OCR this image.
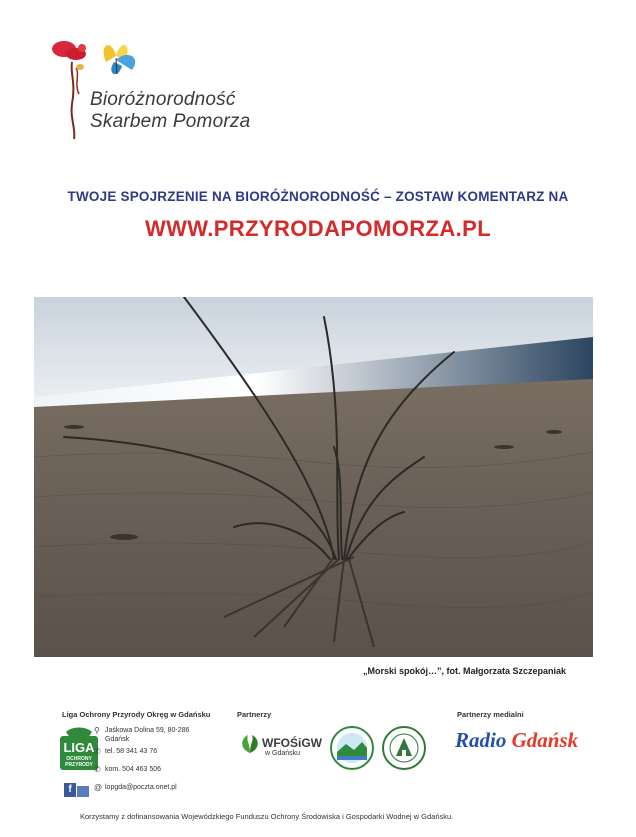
Bioróżnorodność
Skarbem Pomorza
TWOJE SPOJRZENIE NA BIORÓŻNORODNOŚĆ – ZOSTAW KOMENTARZ NA
WWW.PRZYRODAPOMORZA.PL
„Morski spokój…”, fot. Małgorzata Szczepaniak
Liga Ochrony Przyrody Okręg w Gdańsku
LIGA
OCHRONY PRZYRODY
⚲ Jaśkowa Dolina 59, 80-286
Gdańsk
✆ tel. 58 341 43 76
✆ kom. 504 463 506
@ lopgda@poczta.onet.pl
f
Partnerzy
WFOŚiGW
w Gdańsku
Partnerzy medialni
Radio Gdańsk
Korzystamy z dofinansowania Wojewódzkiego Funduszu Ochrony Środowiska i Gospodarki Wodnej w Gdańsku.
